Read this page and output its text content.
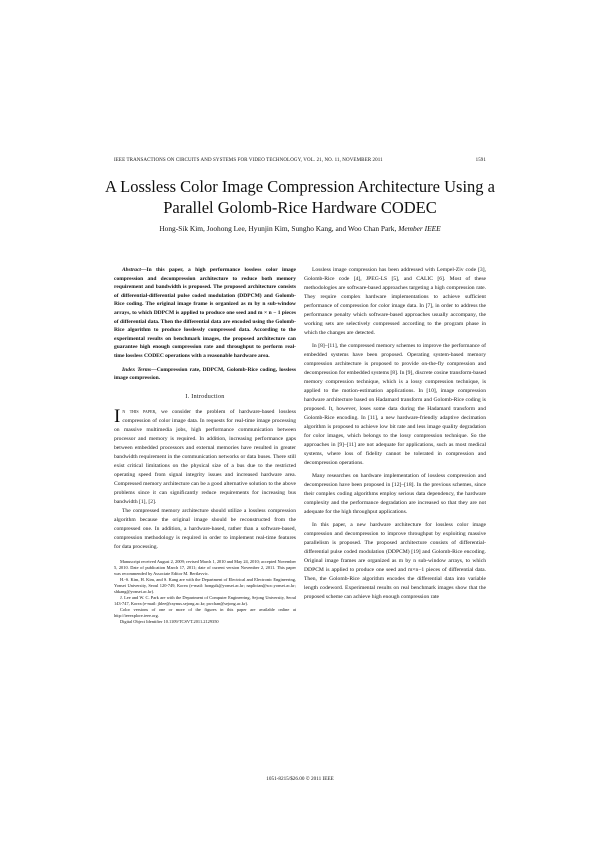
IEEE TRANSACTIONS ON CIRCUITS AND SYSTEMS FOR VIDEO TECHNOLOGY, VOL. 21, NO. 11, NOVEMBER 2011	1591
A Lossless Color Image Compression Architecture Using a Parallel Golomb-Rice Hardware CODEC
Hong-Sik Kim, Joohong Lee, Hyunjin Kim, Sungho Kang, and Woo Chan Park, Member IEEE

Abstract—In this paper, a high performance lossless color image compression and decompression architecture to reduce both memory requirement and bandwidth is proposed. The proposed architecture consists of differential-differential pulse coded modulation (DDPCM) and Golomb-Rice coding. The original image frame is organized as m by n sub-window arrays, to which DDPCM is applied to produce one seed and m × n − 1 pieces of differential data. Then the differential data are encoded using the Golomb-Rice algorithm to produce losslessly compressed data. According to the experimental results on benchmark images, the proposed architecture can guarantee high enough compression rate and throughput to perform real-time lossless CODEC operations with a reasonable hardware area.

Index Terms—Compression rate, DDPCM, Golomb-Rice coding, lossless image compression.

I. Introduction

In this paper, we consider the problem of hardware-based lossless compression of color image data. In requests for real-time image processing on massive multimedia jobs, high performance communication between processor and memory is required. In addition, increasing performance gaps between embedded processors and external memories have resulted in greater bandwidth requirement in the communication networks or data buses. There still exist critical limitations on the physical size of a bus due to the restricted operating speed from signal integrity issues and increased hardware area. Compressed memory architecture can be a good alternative solution to the above problems since it can significantly reduce requirements for increasing bus bandwidth [1], [2].

The compressed memory architecture should utilize a lossless compression algorithm because the original image should be reconstructed from the compressed one. In addition, a hardware-based, rather than a software-based, compression methodology is required in order to implement real-time features for data processing.

Manuscript received August 2, 2009; revised March 1, 2010 and May 24, 2010; accepted November 5, 2010. Date of publication March 17, 2011; date of current version November 2, 2011. This paper was recommended by Associate Editor M. Bertlavvic.

H.-S. Kim, H. Kim, and S. Kang are with the Department of Electrical and Electronic Engineering, Yonsei University, Seoul 120-749, Korea (e-mail: hongsik@yonsei.ac.kr; naplician@soc.yonsei.ac.kr; shkang@yonsei.ac.kr).

J. Lee and W. C. Park are with the Department of Computer Engineering, Sejong University, Seoul 143-747, Korea (e-mail: jhlee@raynus.sejong.ac.kr; pwchan@sejong.ac.kr).

Color versions of one or more of the figures in this paper are available online at http://ieeexplore.ieee.org.

Digital Object Identifier 10.1109/TCSVT.2011.2129350

Lossless image compression has been addressed with Lempel-Ziv code [3], Golomb-Rice code [4], JPEG-LS [5], and CALIC [6]. Most of these methodologies are software-based approaches targeting a high compression rate. They require complex hardware implementations to achieve sufficient performance of compression for color image data. In [7], in order to address the performance penalty which software-based approaches usually accompany, the working sets are selectively compressed according to the program phase in which the changes are detected.

In [8]–[11], the compressed memory schemes to improve the performance of embedded systems have been proposed. Operating system-based memory compression architecture is proposed to provide on-the-fly compression and decompression for embedded systems [8]. In [9], discrete cosine transform-based memory compression technique, which is a lossy compression technique, is applied to the motion-estimation applications. In [10], image compression hardware architecture based on Hadamard transform and Golomb-Rice coding is proposed. It, however, loses some data during the Hadamard transform and Golomb-Rice encoding. In [11], a new hardware-friendly adaptive decimation algorithm is proposed to achieve low bit rate and less image quality degradation for color images, which belongs to the lossy compression technique. So the approaches in [9]–[11] are not adequate for applications, such as most medical systems, where loss of fidelity cannot be tolerated in compression and decompression operations.

Many researches on hardware implementation of lossless compression and decompression have been proposed in [12]–[18]. In the previous schemes, since their complex coding algorithms employ serious data dependency, the hardware complexity and the performance degradation are increased so that they are not adequate for the high throughput applications.

In this paper, a new hardware architecture for lossless color image compression and decompression to improve throughput by exploiting massive parallelism is proposed. The proposed architecture consists of differential-differential pulse coded modulation (DDPCM) [19] and Golomb-Rice encoding. Original image frames are organized as m by n sub-window arrays, to which DDPCM is applied to produce one seed and m×n−1 pieces of differential data. Then, the Golomb-Rice algorithm encodes the differential data into variable length codeword. Experimental results on real benchmark images show that the proposed scheme can achieve high enough compression rate

1051-8215/$26.00 © 2011 IEEE
